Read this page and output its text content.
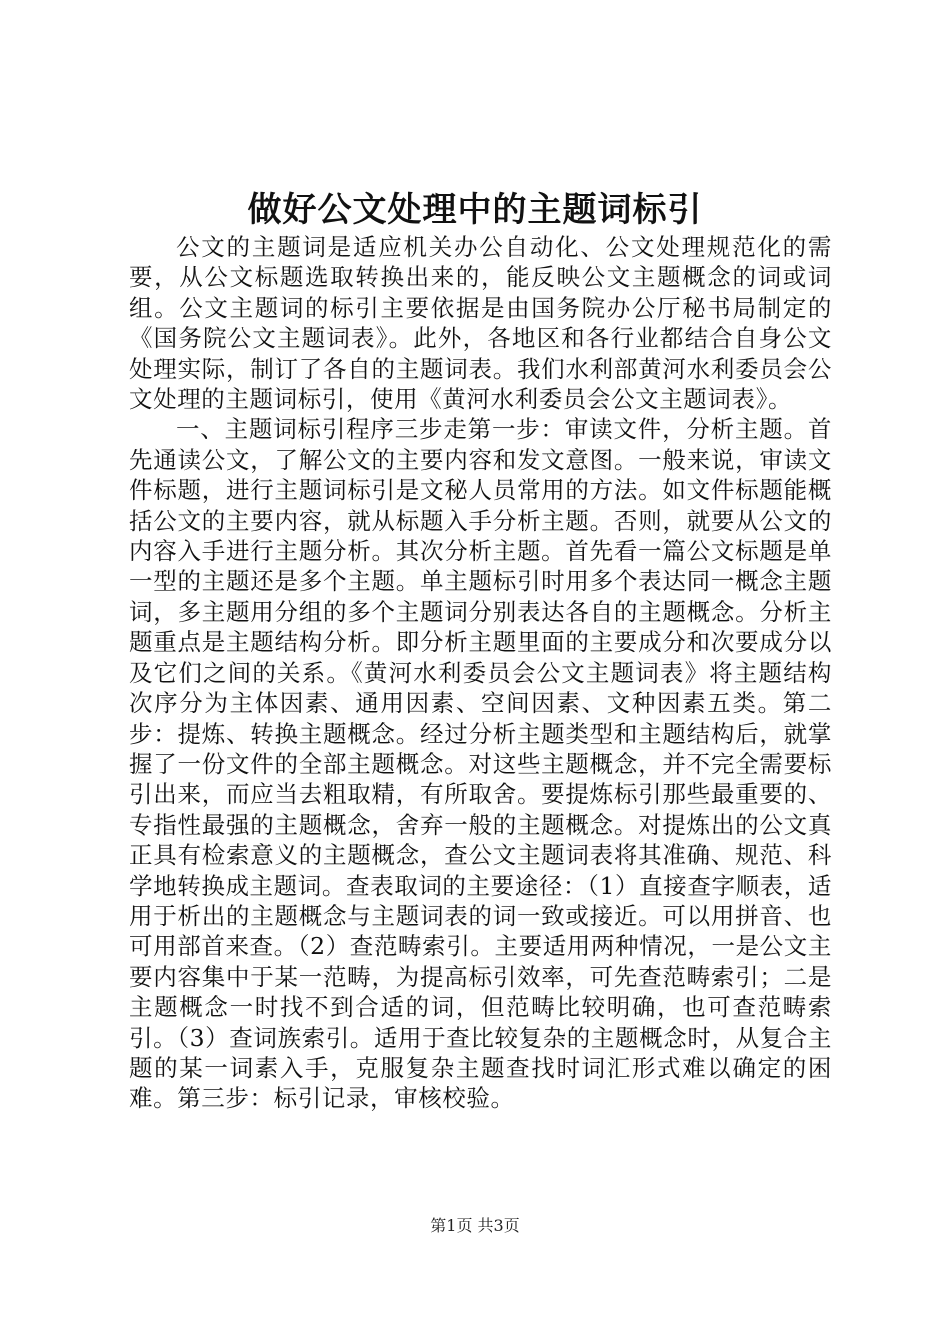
做好公文处理中的主题词标引

公文的主题词是适应机关办公自动化、公文处理规范化的需要，从公文标题选取转换出来的，能反映公文主题概念的词或词组。公文主题词的标引主要依据是由国务院办公厅秘书局制定的《国务院公文主题词表》。此外，各地区和各行业都结合自身公文处理实际，制订了各自的主题词表。我们水利部黄河水利委员会公文处理的主题词标引，使用《黄河水利委员会公文主题词表》。

一、主题词标引程序三步走第一步：审读文件，分析主题。首先通读公文，了解公文的主要内容和发文意图。一般来说，审读文件标题，进行主题词标引是文秘人员常用的方法。如文件标题能概括公文的主要内容，就从标题入手分析主题。否则，就要从公文的内容入手进行主题分析。其次分析主题。首先看一篇公文标题是单一型的主题还是多个主题。单主题标引时用多个表达同一概念主题词，多主题用分组的多个主题词分别表达各自的主题概念。分析主题重点是主题结构分析。即分析主题里面的主要成分和次要成分以及它们之间的关系。《黄河水利委员会公文主题词表》将主题结构次序分为主体因素、通用因素、空间因素、文种因素五类。第二步：提炼、转换主题概念。经过分析主题类型和主题结构后，就掌握了一份文件的全部主题概念。对这些主题概念，并不完全需要标引出来，而应当去粗取精，有所取舍。要提炼标引那些最重要的、专指性最强的主题概念，舍弃一般的主题概念。对提炼出的公文真正具有检索意义的主题概念，查公文主题词表将其准确、规范、科学地转换成主题词。查表取词的主要途径：（1）直接查字顺表，适用于析出的主题概念与主题词表的词一致或接近。可以用拼音、也可用部首来查。（2）查范畴索引。主要适用两种情况，一是公文主要内容集中于某一范畴，为提高标引效率，可先查范畴索引；二是主题概念一时找不到合适的词，但范畴比较明确，也可查范畴索引。（3）查词族索引。适用于查比较复杂的主题概念时，从复合主题的某一词素入手，克服复杂主题查找时词汇形式难以确定的困难。第三步：标引记录，审核校验。

第1页 共3页
